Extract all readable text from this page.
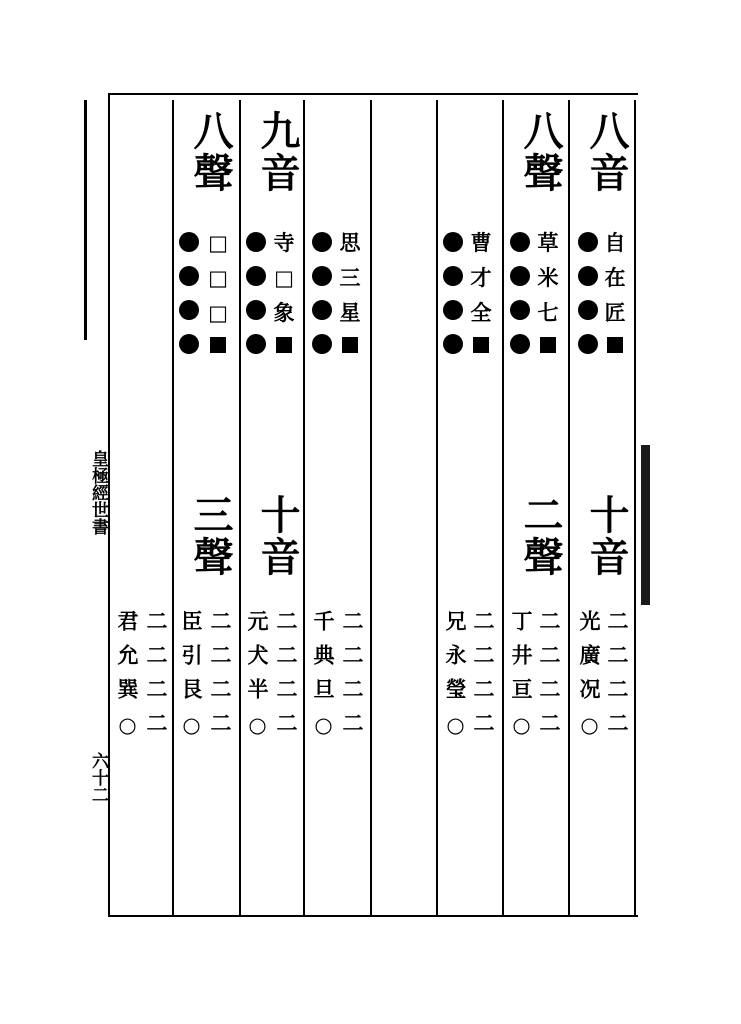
皇極經世書
六十二
八音
自
在
匠
十音
光廣况○ 二二二二
八聲
草
米
七
二聲
丁井亘○ 二二二二
曹
才
全
兄永瑩○ 二二二二
思
三
星
千典旦○ 二二二二
九音
寺
□
象
十音
元犬半○ 二二二二
八聲
□
□
□
三聲
臣引艮○ 二二二二
君允巽○ 二二二二
